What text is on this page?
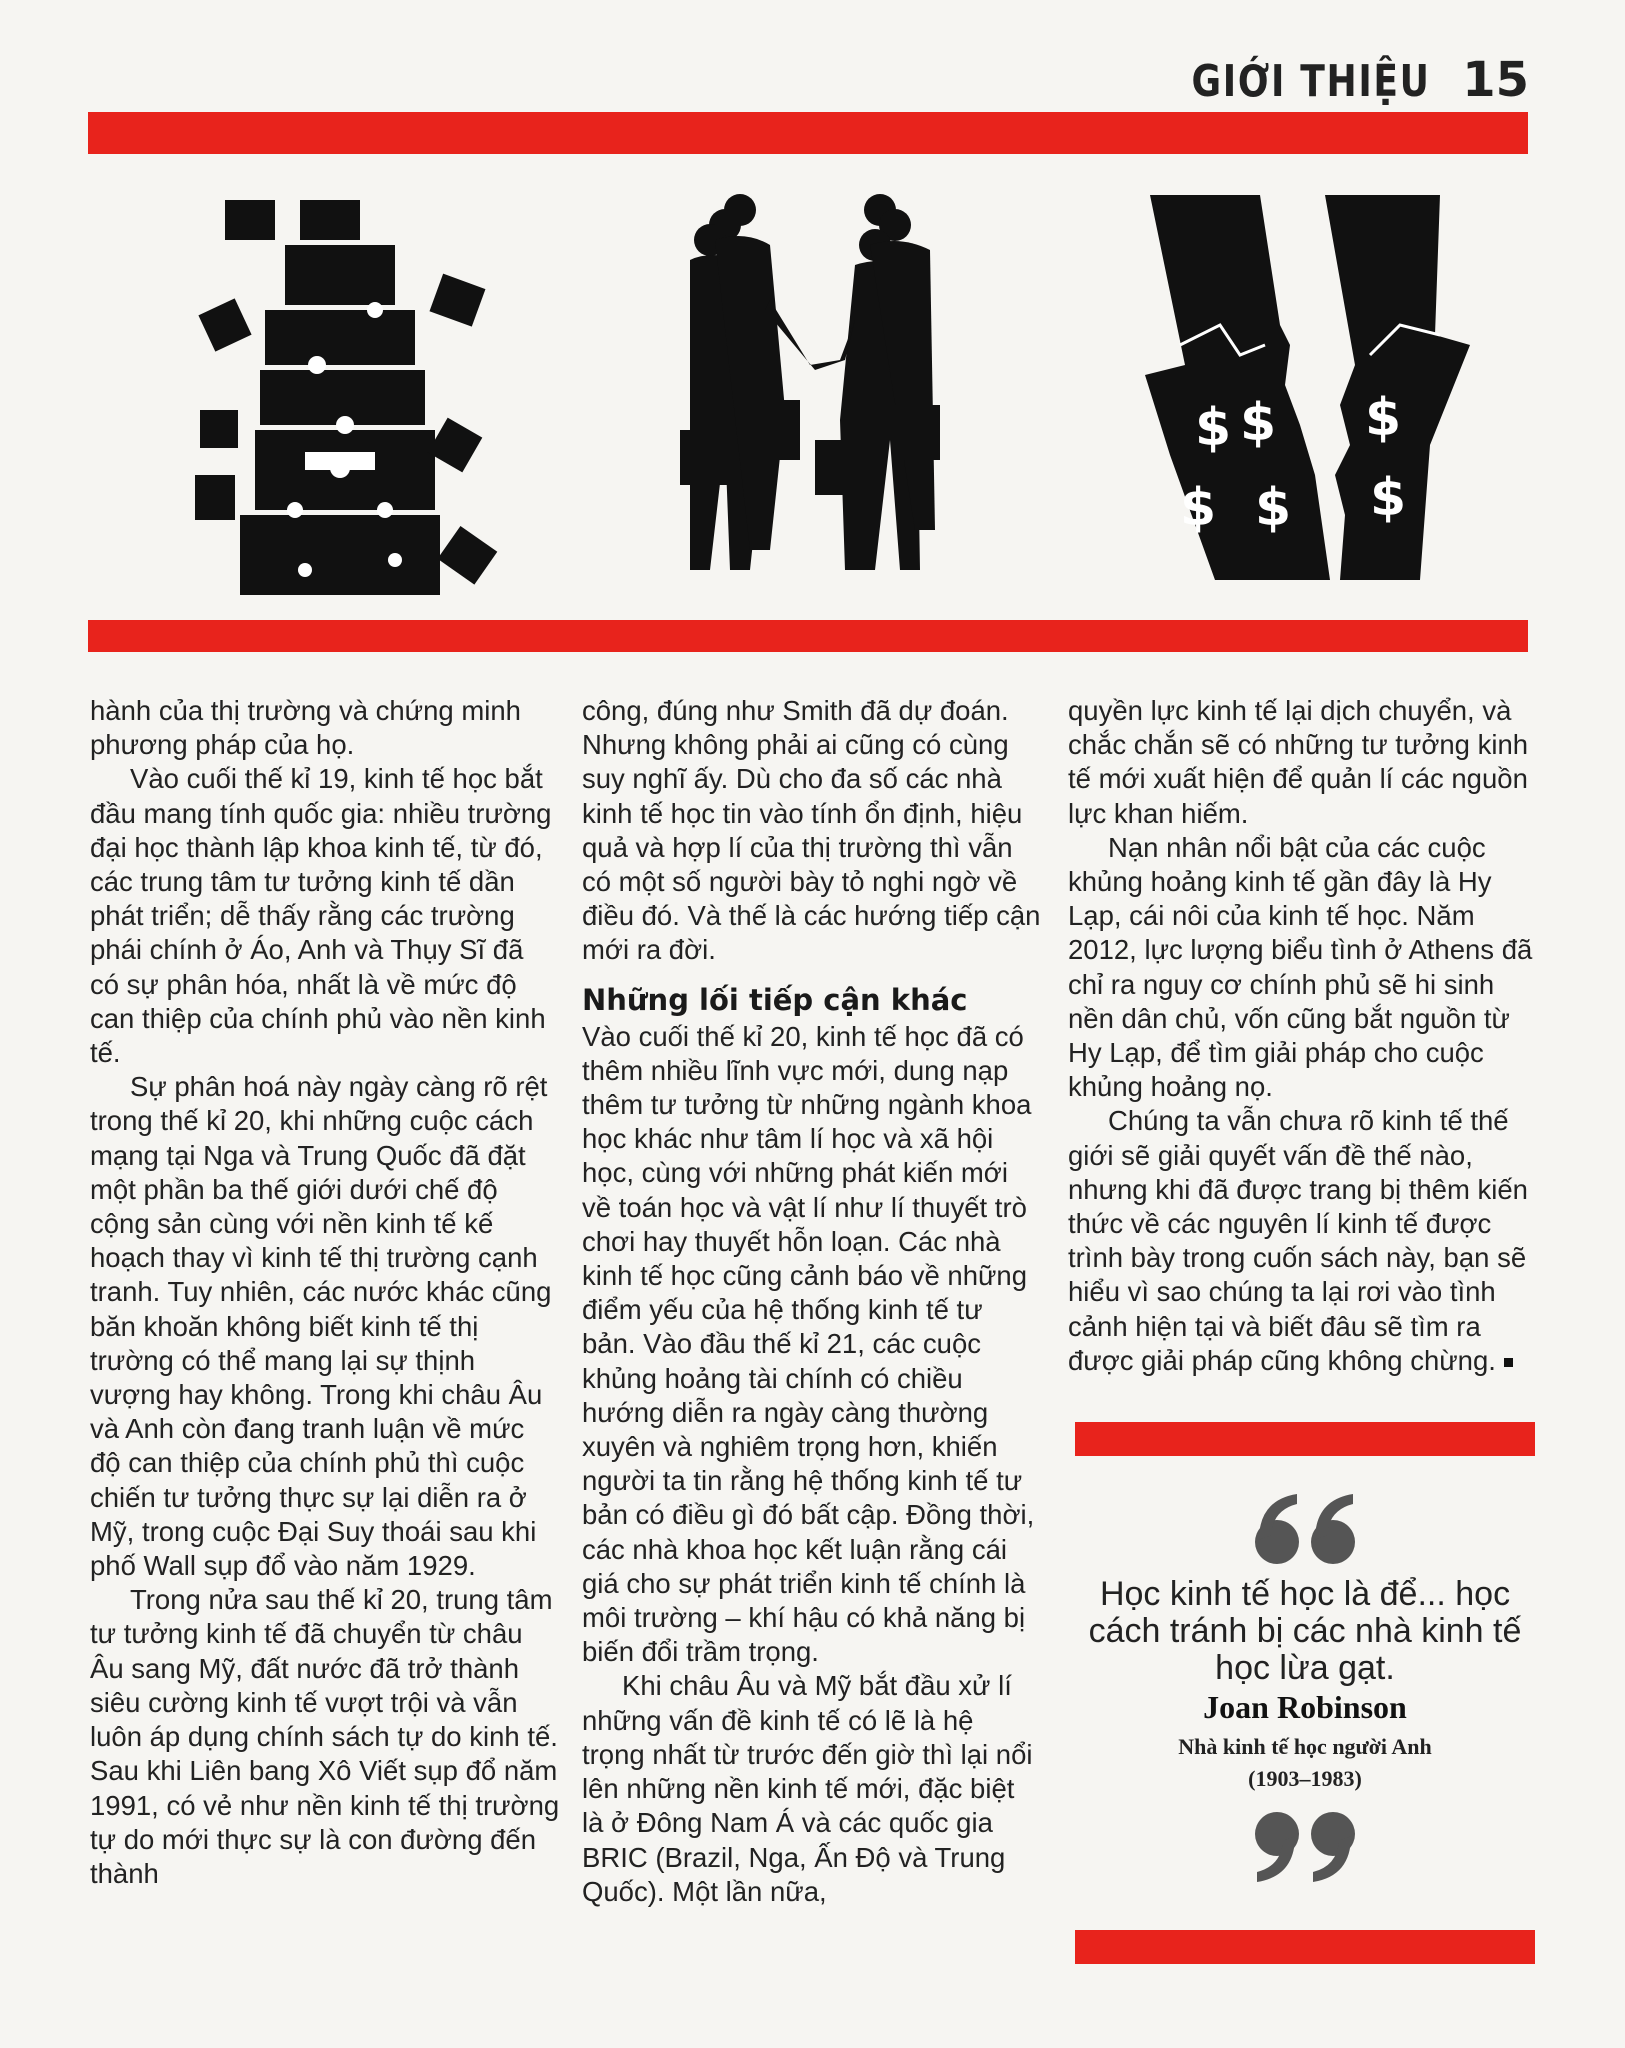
GIỚI THIỆU 15
$
$ $
$ $
$

hành của thị trường và chứng minh phương pháp của họ.

Vào cuối thế kỉ 19, kinh tế học bắt đầu mang tính quốc gia: nhiều trường đại học thành lập khoa kinh tế, từ đó, các trung tâm tư tưởng kinh tế dần phát triển; dễ thấy rằng các trường phái chính ở Áo, Anh và Thụy Sĩ đã có sự phân hóa, nhất là về mức độ can thiệp của chính phủ vào nền kinh tế.

Sự phân hoá này ngày càng rõ rệt trong thế kỉ 20, khi những cuộc cách mạng tại Nga và Trung Quốc đã đặt một phần ba thế giới dưới chế độ cộng sản cùng với nền kinh tế kế hoạch thay vì kinh tế thị trường cạnh tranh. Tuy nhiên, các nước khác cũng băn khoăn không biết kinh tế thị trường có thể mang lại sự thịnh vượng hay không. Trong khi châu Âu và Anh còn đang tranh luận về mức độ can thiệp của chính phủ thì cuộc chiến tư tưởng thực sự lại diễn ra ở Mỹ, trong cuộc Đại Suy thoái sau khi phố Wall sụp đổ vào năm 1929.

Trong nửa sau thế kỉ 20, trung tâm tư tưởng kinh tế đã chuyển từ châu Âu sang Mỹ, đất nước đã trở thành siêu cường kinh tế vượt trội và vẫn luôn áp dụng chính sách tự do kinh tế. Sau khi Liên bang Xô Viết sụp đổ năm 1991, có vẻ như nền kinh tế thị trường tự do mới thực sự là con đường đến thành

công, đúng như Smith đã dự đoán. Nhưng không phải ai cũng có cùng suy nghĩ ấy. Dù cho đa số các nhà kinh tế học tin vào tính ổn định, hiệu quả và hợp lí của thị trường thì vẫn có một số người bày tỏ nghi ngờ về điều đó. Và thế là các hướng tiếp cận mới ra đời.

Những lối tiếp cận khác

Vào cuối thế kỉ 20, kinh tế học đã có thêm nhiều lĩnh vực mới, dung nạp thêm tư tưởng từ những ngành khoa học khác như tâm lí học và xã hội học, cùng với những phát kiến mới về toán học và vật lí như lí thuyết trò chơi hay thuyết hỗn loạn. Các nhà kinh tế học cũng cảnh báo về những điểm yếu của hệ thống kinh tế tư bản. Vào đầu thế kỉ 21, các cuộc khủng hoảng tài chính có chiều hướng diễn ra ngày càng thường xuyên và nghiêm trọng hơn, khiến người ta tin rằng hệ thống kinh tế tư bản có điều gì đó bất cập. Đồng thời, các nhà khoa học kết luận rằng cái giá cho sự phát triển kinh tế chính là môi trường – khí hậu có khả năng bị biến đổi trầm trọng.

Khi châu Âu và Mỹ bắt đầu xử lí những vấn đề kinh tế có lẽ là hệ trọng nhất từ trước đến giờ thì lại nổi lên những nền kinh tế mới, đặc biệt là ở Đông Nam Á và các quốc gia BRIC (Brazil, Nga, Ấn Độ và Trung Quốc). Một lần nữa,

quyền lực kinh tế lại dịch chuyển, và chắc chắn sẽ có những tư tưởng kinh tế mới xuất hiện để quản lí các nguồn lực khan hiếm.

Nạn nhân nổi bật của các cuộc khủng hoảng kinh tế gần đây là Hy Lạp, cái nôi của kinh tế học. Năm 2012, lực lượng biểu tình ở Athens đã chỉ ra nguy cơ chính phủ sẽ hi sinh nền dân chủ, vốn cũng bắt nguồn từ Hy Lạp, để tìm giải pháp cho cuộc khủng hoảng nọ.

Chúng ta vẫn chưa rõ kinh tế thế giới sẽ giải quyết vấn đề thế nào, nhưng khi đã được trang bị thêm kiến thức về các nguyên lí kinh tế được trình bày trong cuốn sách này, bạn sẽ hiểu vì sao chúng ta lại rơi vào tình cảnh hiện tại và biết đâu sẽ tìm ra được giải pháp cũng không chừng.

Học kinh tế học là để... học cách tránh bị các nhà kinh tế học lừa gạt.
Joan Robinson
Nhà kinh tế học người Anh
(1903–1983)
